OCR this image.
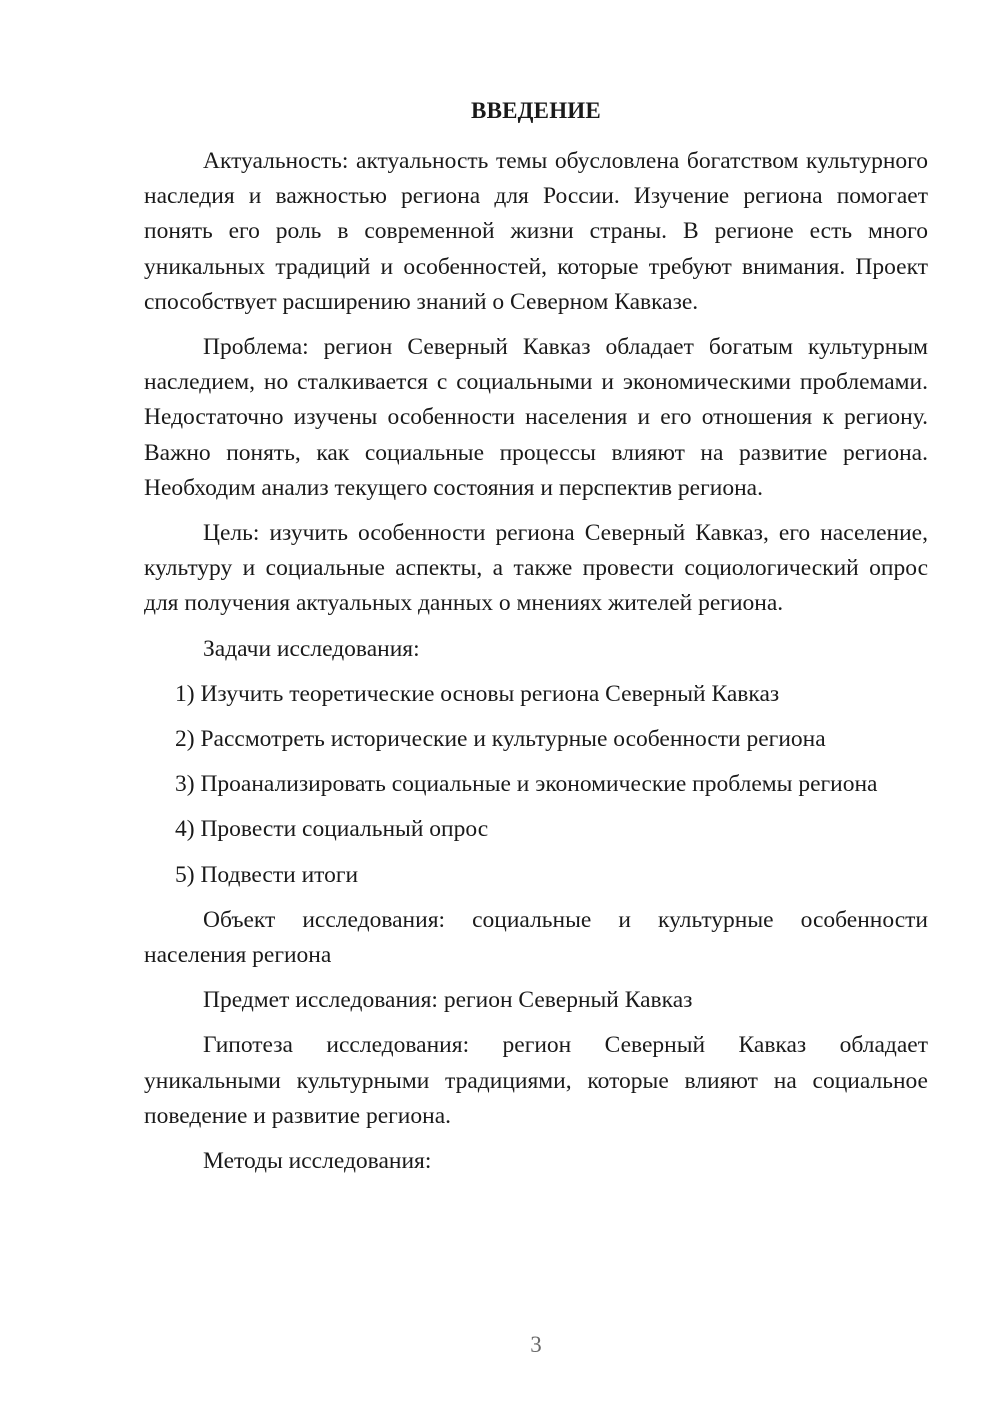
ВВЕДЕНИЕ

Актуальность: актуальность темы обусловлена богатством культурного наследия и важностью региона для России. Изучение региона помогает понять его роль в современной жизни страны. В регионе есть много уникальных традиций и особенностей, которые требуют внимания. Проект способствует расширению знаний о Северном Кавказе.

Проблема: регион Северный Кавказ обладает богатым культурным наследием, но сталкивается с социальными и экономическими проблемами. Недостаточно изучены особенности населения и его отношения к региону. Важно понять, как социальные процессы влияют на развитие региона. Необходим анализ текущего состояния и перспектив региона.

Цель: изучить особенности региона Северный Кавказ, его население, культуру и социальные аспекты, а также провести социологический опрос для получения актуальных данных о мнениях жителей региона.

Задачи исследования:

1) Изучить теоретические основы региона Северный Кавказ
2) Рассмотреть исторические и культурные особенности региона
3) Проанализировать социальные и экономические проблемы региона
4) Провести социальный опрос
5) Подвести итоги

Объект исследования: социальные и культурные особенности населения региона

Предмет исследования: регион Северный Кавказ

Гипотеза исследования: регион Северный Кавказ обладает уникальными культурными традициями, которые влияют на социальное поведение и развитие региона.

Методы исследования:

3
